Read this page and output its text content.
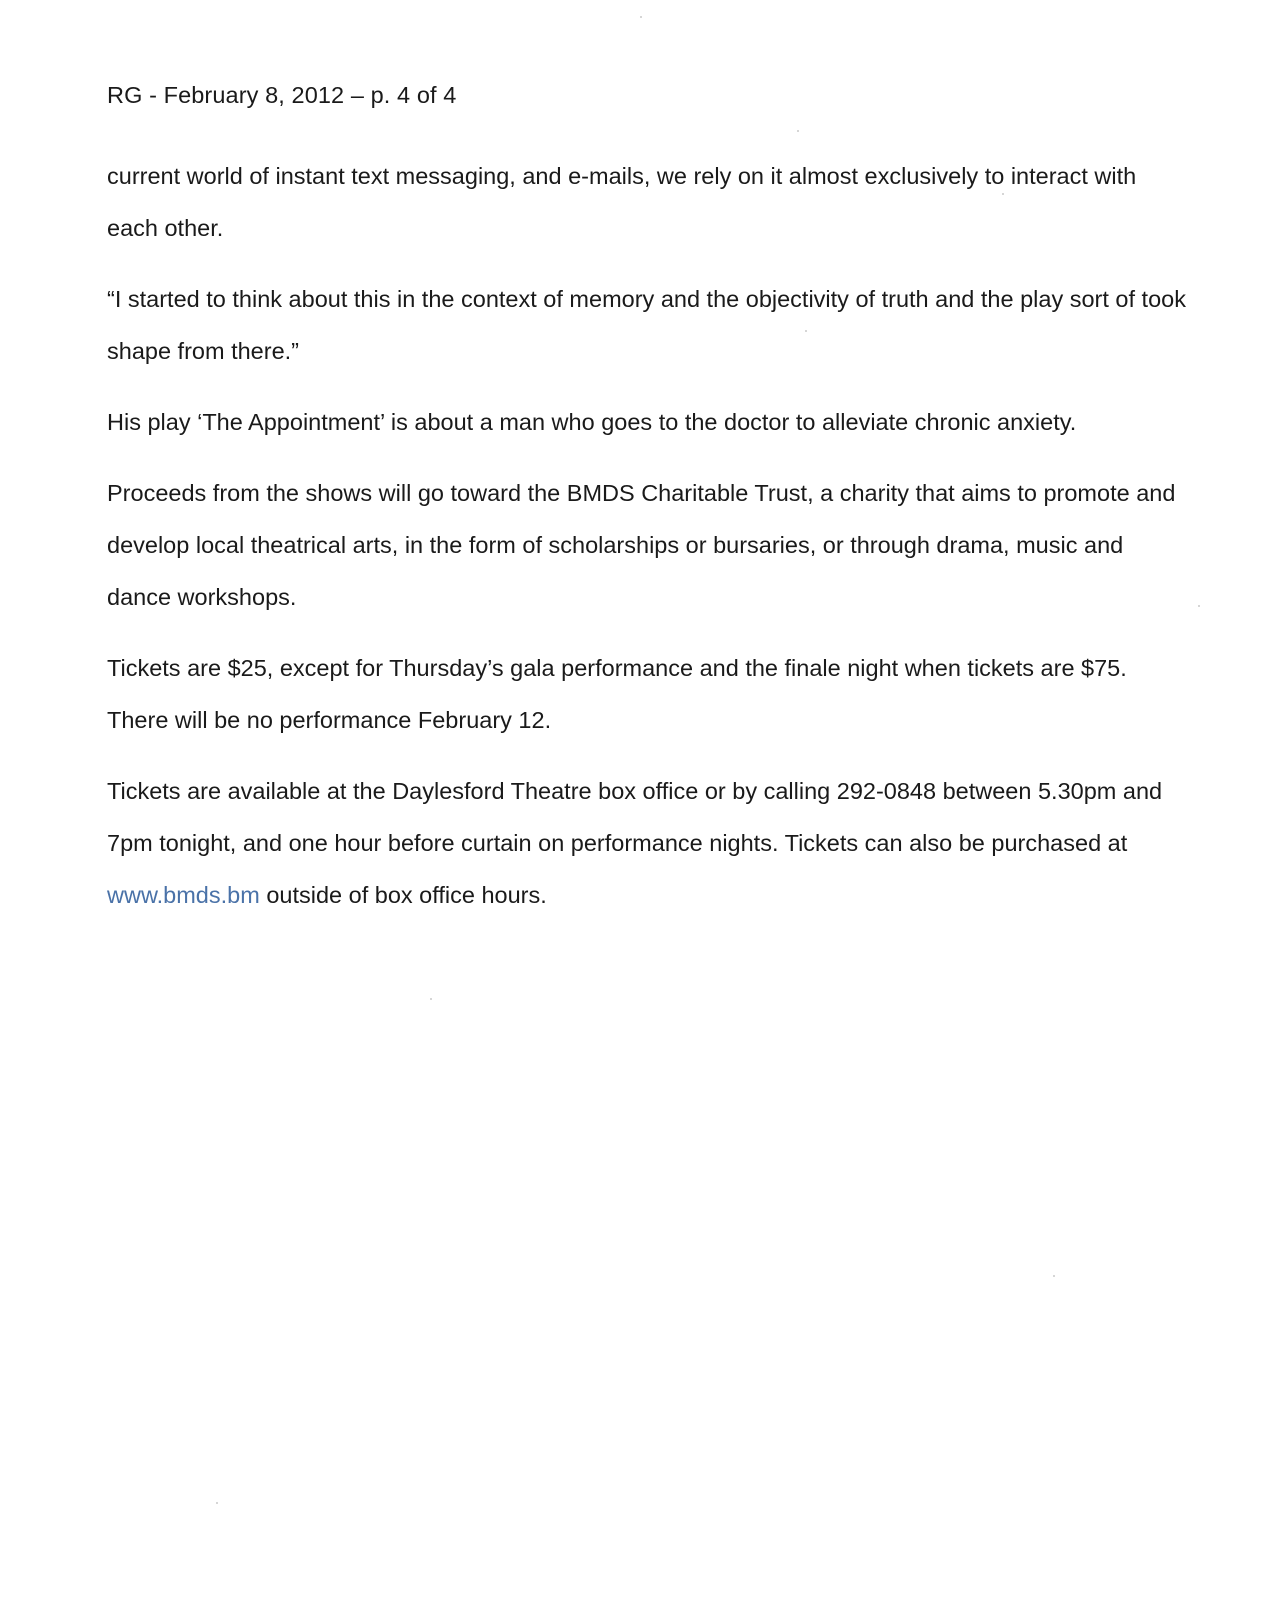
RG - February 8, 2012 – p. 4 of 4

current world of instant text messaging, and e-mails, we rely on it almost exclusively to interact with each other.

“I started to think about this in the context of memory and the objectivity of truth and the play sort of took shape from there.”

His play ‘The Appointment’ is about a man who goes to the doctor to alleviate chronic anxiety.

Proceeds from the shows will go toward the BMDS Charitable Trust, a charity that aims to promote and develop local theatrical arts, in the form of scholarships or bursaries, or through drama, music and dance workshops.

Tickets are $25, except for Thursday’s gala performance and the finale night when tickets are $75. There will be no performance February 12.

Tickets are available at the Daylesford Theatre box office or by calling 292-0848 between 5.30pm and 7pm tonight, and one hour before curtain on performance nights. Tickets can also be purchased at www.bmds.bm outside of box office hours.
